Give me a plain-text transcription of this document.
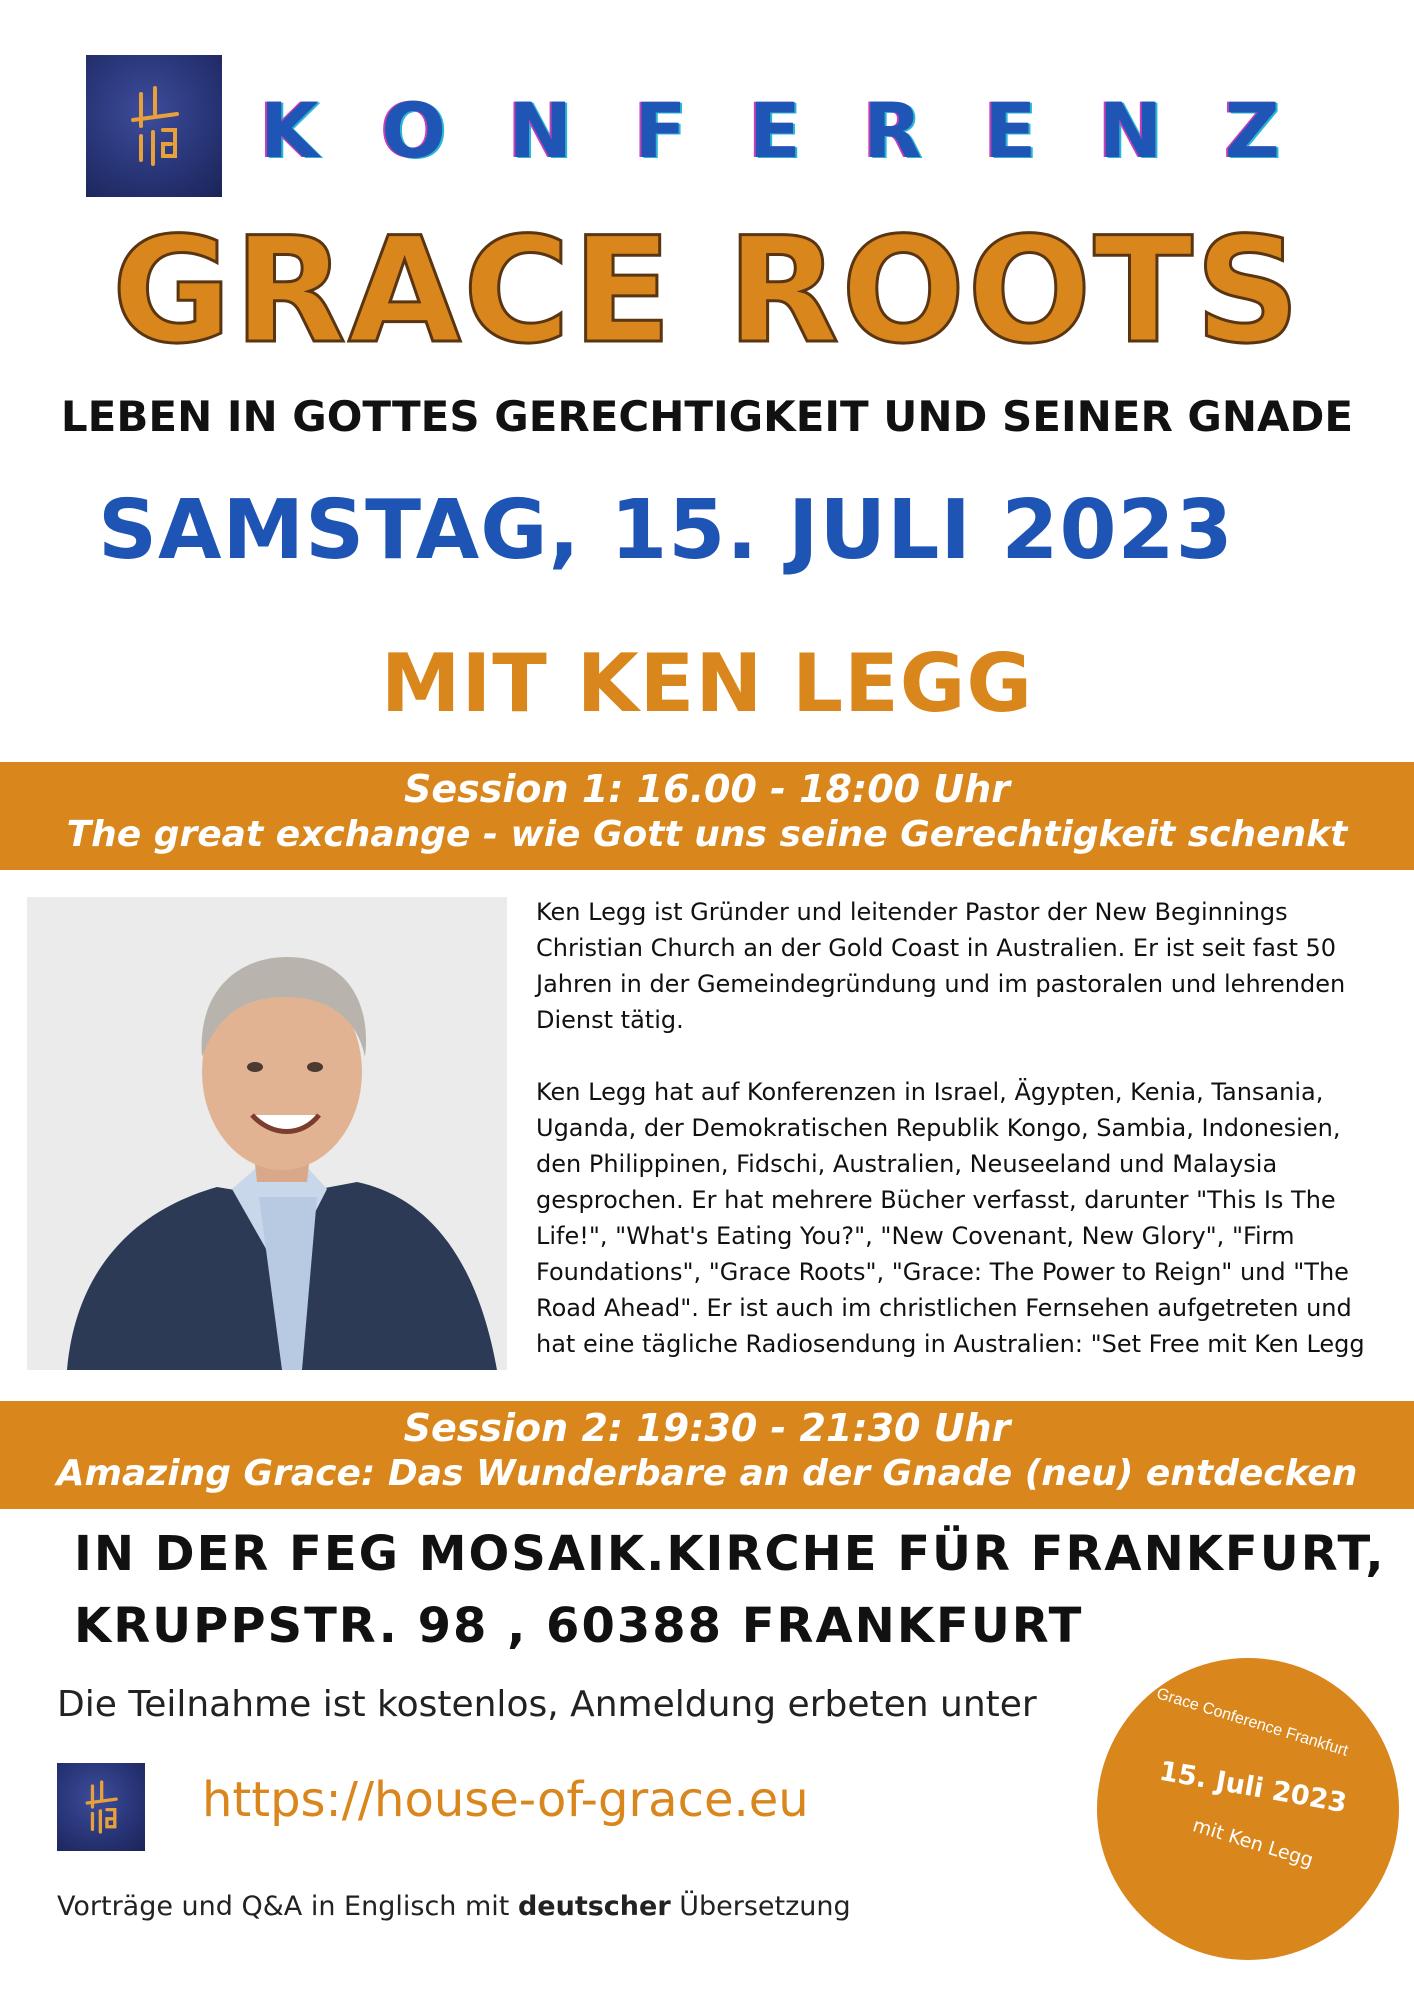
K O N F E R E N Z
GRACE ROOTS
LEBEN IN GOTTES GERECHTIGKEIT UND SEINER GNADE
SAMSTAG, 15. JULI 2023
MIT KEN LEGG
Session 1: 16.00 - 18:00 Uhr
The great exchange - wie Gott uns seine Gerechtigkeit schenkt

Ken Legg ist Gründer und leitender Pastor der New Beginnings Christian Church an der Gold Coast in Australien. Er ist seit fast 50 Jahren in der Gemeindegründung und im pastoralen und lehrenden Dienst tätig.

Ken Legg hat auf Konferenzen in Israel, Ägypten, Kenia, Tansania, Uganda, der Demokratischen Republik Kongo, Sambia, Indonesien, den Philippinen, Fidschi, Australien, Neuseeland und Malaysia gesprochen. Er hat mehrere Bücher verfasst, darunter "This Is The Life!", "What's Eating You?", "New Covenant, New Glory", "Firm Foundations", "Grace Roots", "Grace: The Power to Reign" und "The Road Ahead". Er ist auch im christlichen Fernsehen aufgetreten und hat eine tägliche Radiosendung in Australien: "Set Free mit Ken Legg

Session 2: 19:30 - 21:30 Uhr
Amazing Grace: Das Wunderbare an der Gnade (neu) entdecken
IN DER FEG MOSAIK.KIRCHE FÜR FRANKFURT,
KRUPPSTR. 98 , 60388 FRANKFURT
Die Teilnahme ist kostenlos, Anmeldung erbeten unter
https://house-of-grace.eu
Vorträge und Q&A in Englisch mit deutscher Übersetzung
Grace Conference Frankfurt
15. Juli 2023
mit Ken Legg
